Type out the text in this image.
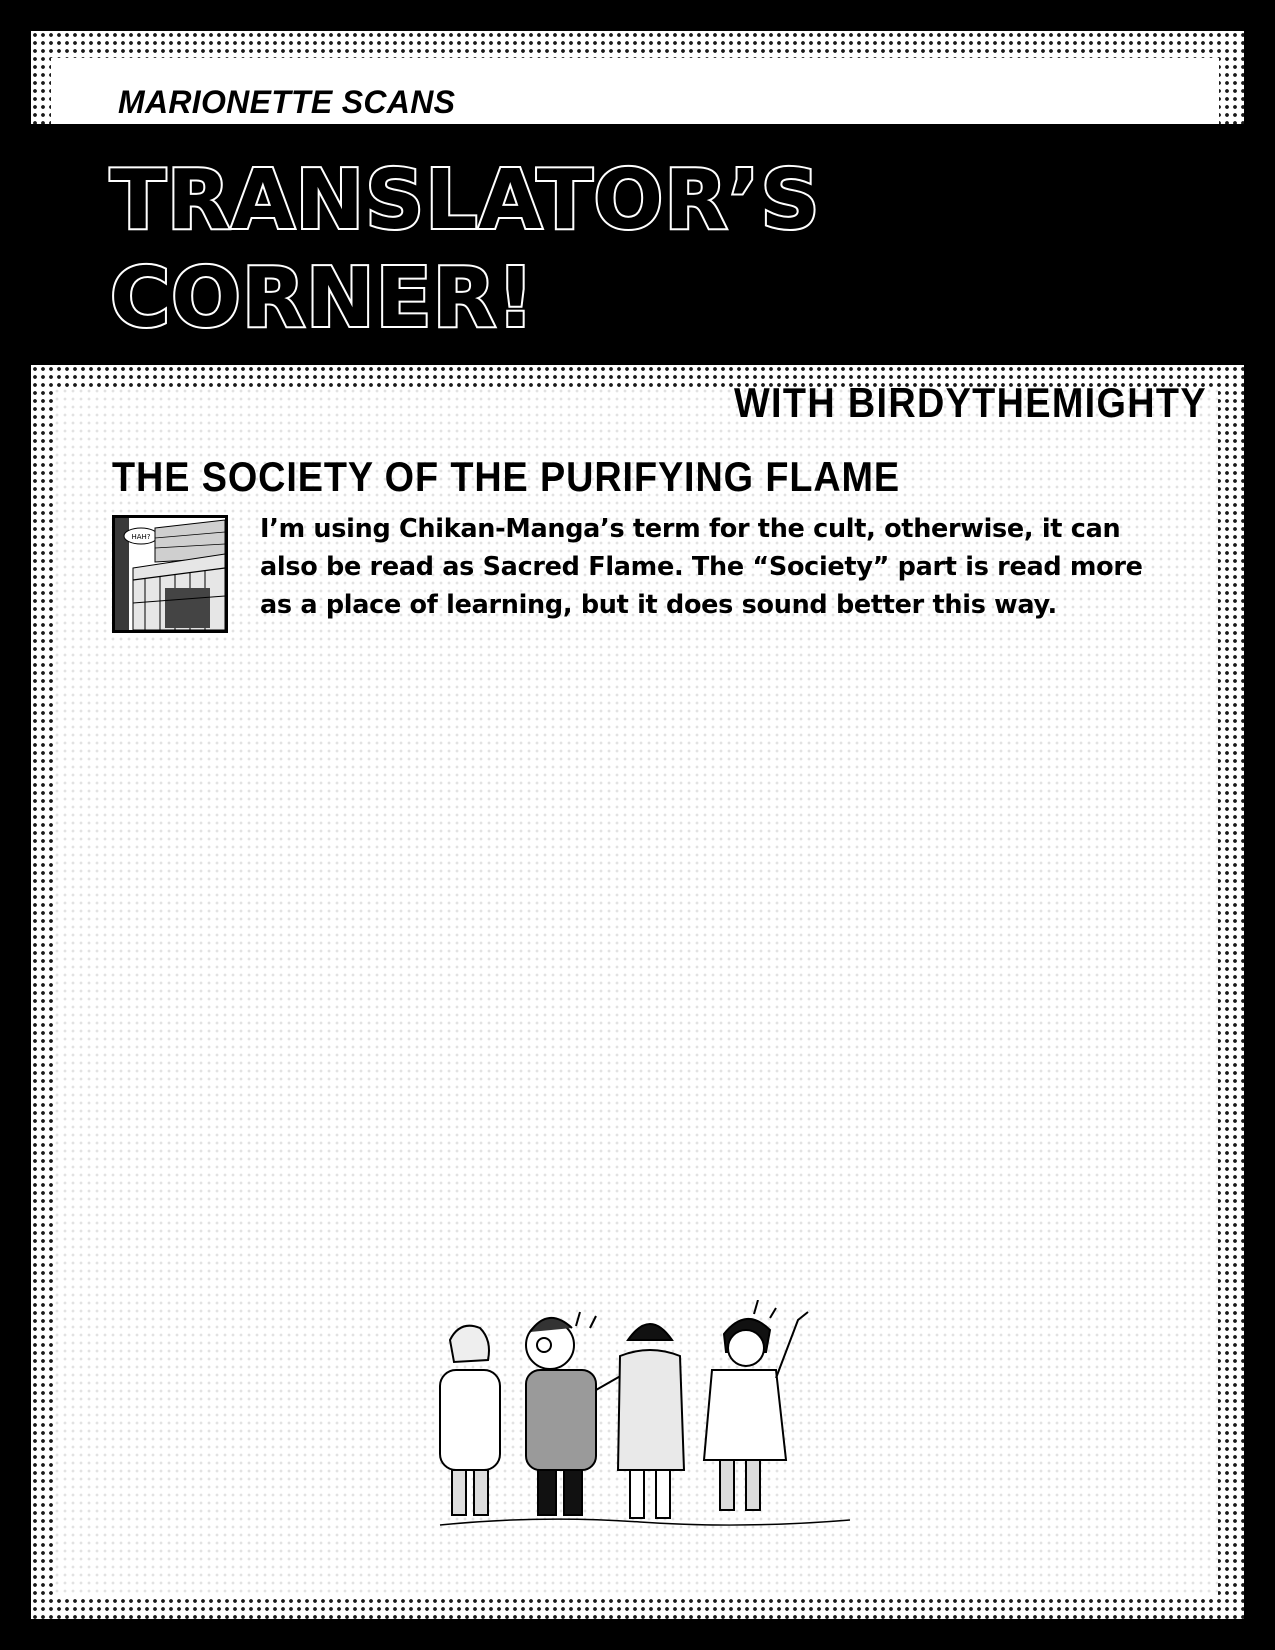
MARIONETTE SCANS
TRANSLATOR’S
CORNER!
WITH BIRDYTHEMIGHTY
THE SOCIETY OF THE PURIFYING FLAME
HAH?	I’m using Chikan-Manga’s term for the cult, otherwise, it can also be read as Sacred Flame. The “Society” part is read more as a place of learning, but it does sound better this way.
